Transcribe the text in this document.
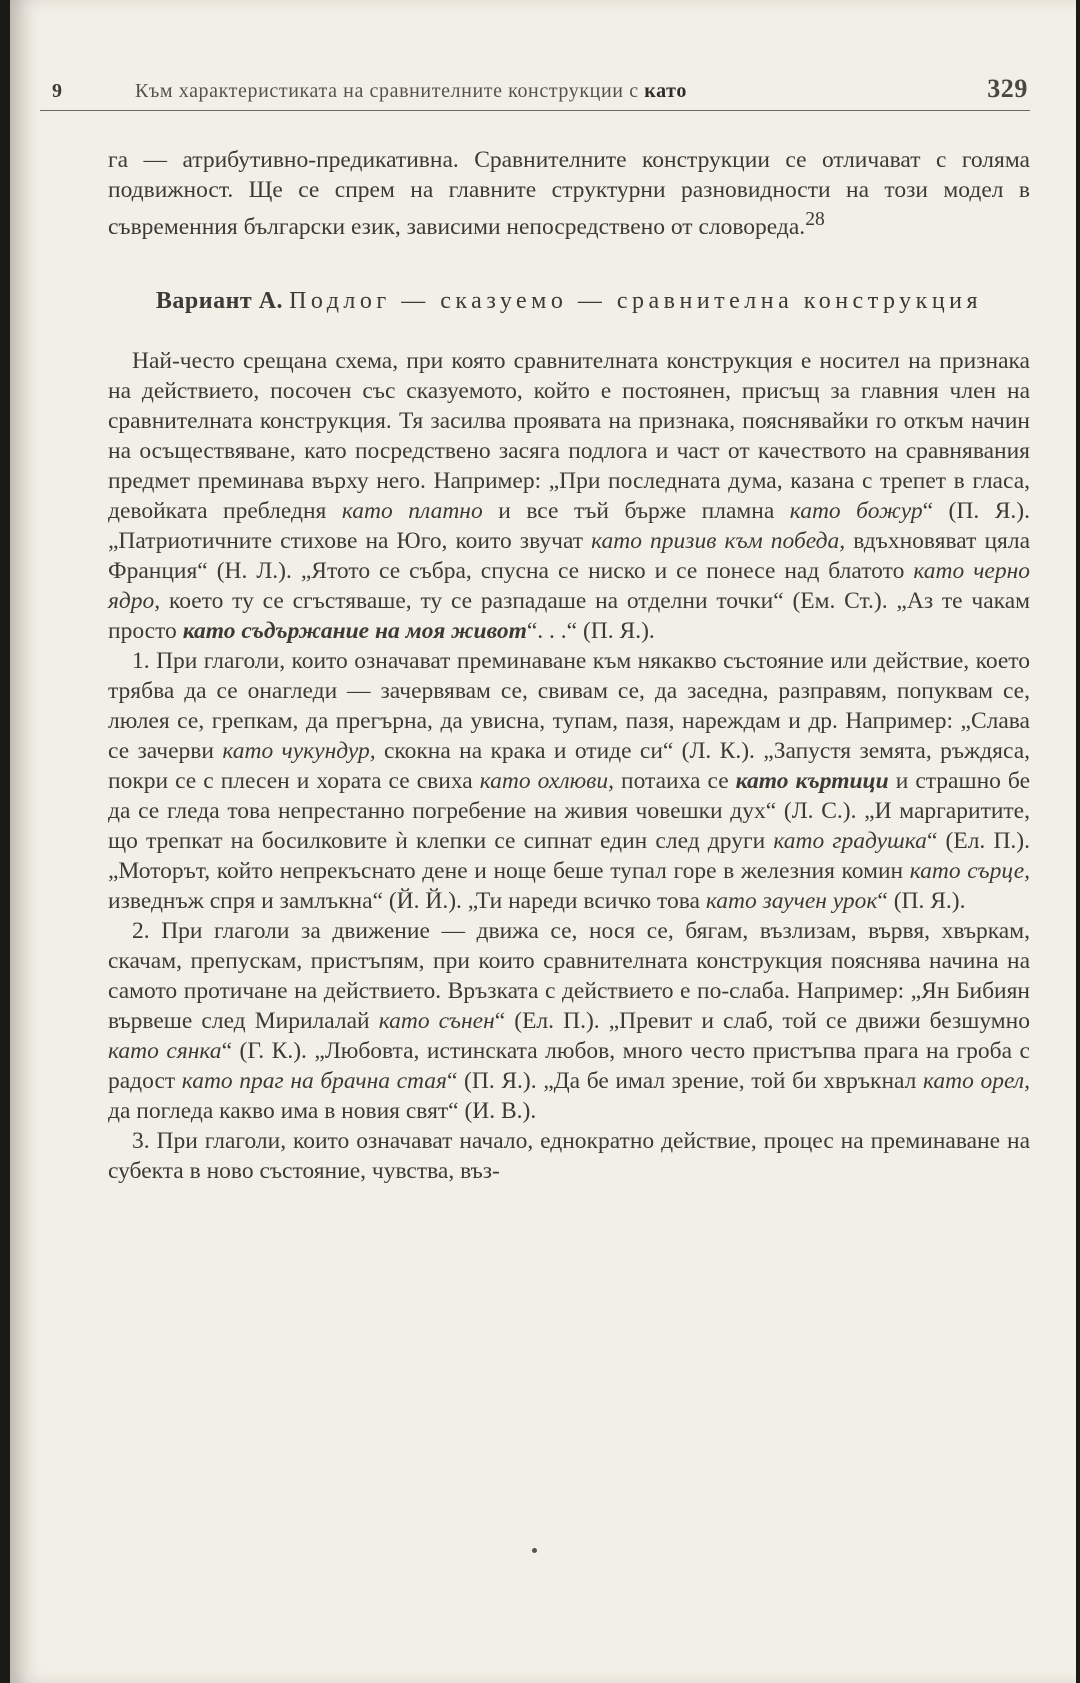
9	Към характеристиката на сравнителните конструкции с като	329

га — атрибутивно-предикативна. Сравнителните конструкции се отличават с голяма подвижност. Ще се спрем на главните структурни разновидности на този модел в съвременния български език, зависими непосредствено от словореда.$^{28}$

Вариант А. Подлог — сказуемо — сравнителна конструкция

Най-често срещана схема, при която сравнителната конструкция е носител на признака на действието, посочен със сказуемото, който е постоянен, присъщ за главния член на сравнителната конструкция. Тя засилва проявата на признака, пояснявайки го откъм начин на осъществяване, като посредствено засяга подлога и част от качеството на сравнявания предмет преминава върху него. Например: „При последната дума, казана с трепет в гласа, девойката пребледня като платно и все тъй бърже пламна като божур“ (П. Я.). „Патриотичните стихове на Юго, които звучат като призив към победа, вдъхновяват цяла Франция“ (Н. Л.). „Ятото се събра, спусна се ниско и се понесе над блатото като черно ядро, което ту се сгъстяваше, ту се разпадаше на отделни точки“ (Ем. Ст.). „Аз те чакам просто като съдържание на моя живот“. . .“ (П. Я.).

1. При глаголи, които означават преминаване към някакво състояние или действие, което трябва да се онагледи — зачервявам се, свивам се, да заседна, разправям, попуквам се, люлея се, грепкам, да прегърна, да увисна, тупам, пазя, нареждам и др. Например: „Слава се зачерви като чукундур, скокна на крака и отиде си“ (Л. К.). „Запустя земята, ръждяса, покри се с плесен и хората се свиха като охлюви, потаиха се като къртици и страшно бе да се гледа това непрестанно погребение на живия човешки дух“ (Л. С.). „И маргаритите, що трепкат на босилковите ѝ клепки се сипнат един след други като градушка“ (Ел. П.). „Моторът, който непрекъснато дене и ноще беше тупал горе в железния комин като сърце, изведнъж спря и замлъкна“ (Й. Й.). „Ти нареди всичко това като заучен урок“ (П. Я.).

2. При глаголи за движение — движа се, нося се, бягам, възлизам, вървя, хвъркам, скачам, препускам, пристъпям, при които сравнителната конструкция пояснява начина на самото протичане на действието. Връзката с действието е по-слаба. Например: „Ян Бибиян вървеше след Мирилалай като сънен“ (Ел. П.). „Превит и слаб, той се движи безшумно като сянка“ (Г. К.). „Любовта, истинската любов, много често пристъпва прага на гроба с радост като праг на брачна стая“ (П. Я.). „Да бе имал зрение, той би хвръкнал като орел, да погледа какво има в новия свят“ (И. В.).

3. При глаголи, които означават начало, еднократно действие, процес на преминаване на субекта в ново състояние, чувства, въз-
